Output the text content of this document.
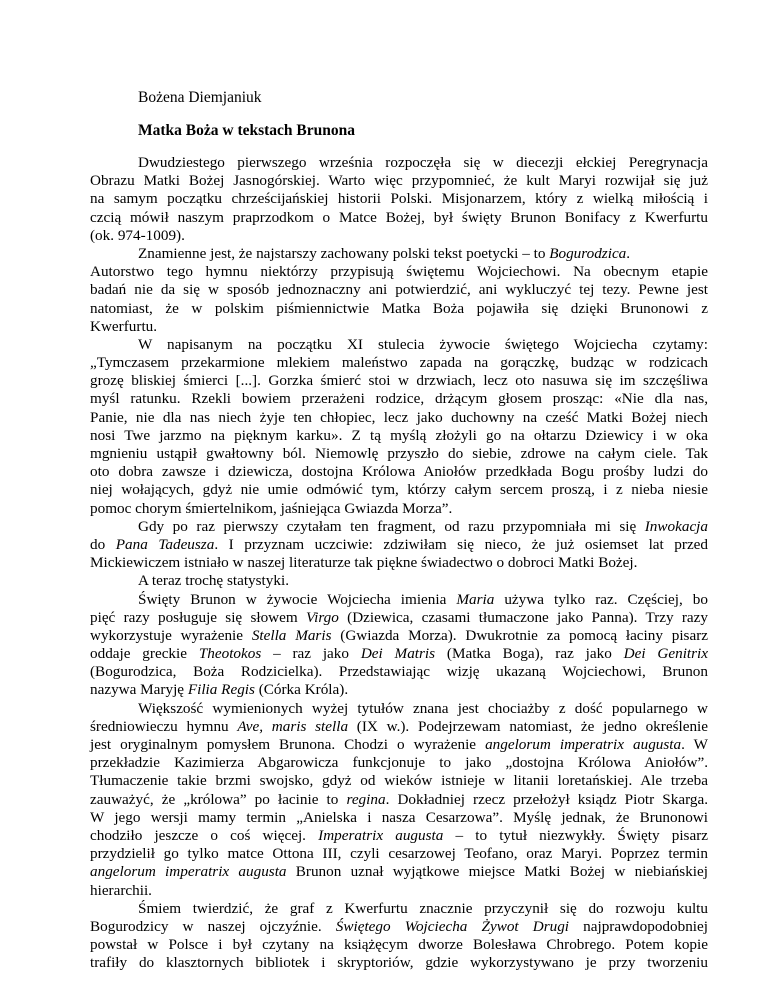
Bożena Diemjaniuk
Matka Boża w tekstach Brunona
Dwudziestego pierwszego września rozpoczęła się w diecezji ełckiej Peregrynacja
Obrazu Matki Bożej Jasnogórskiej. Warto więc przypomnieć, że kult Maryi rozwijał się już
na samym początku chrześcijańskiej historii Polski. Misjonarzem, który z wielką miłością i
czcią mówił naszym praprzodkom o Matce Bożej, był święty Brunon Bonifacy z Kwerfurtu
(ok. 974-1009).
Znamienne jest, że najstarszy zachowany polski tekst poetycki – to Bogurodzica.
Autorstwo tego hymnu niektórzy przypisują świętemu Wojciechowi. Na obecnym etapie
badań nie da się w sposób jednoznaczny ani potwierdzić, ani wykluczyć tej tezy. Pewne jest
natomiast, że w polskim piśmiennictwie Matka Boża pojawiła się dzięki Brunonowi z
Kwerfurtu.
W napisanym na początku XI stulecia żywocie świętego Wojciecha czytamy:
„Tymczasem przekarmione mlekiem maleństwo zapada na gorączkę, budząc w rodzicach
grozę bliskiej śmierci [...]. Gorzka śmierć stoi w drzwiach, lecz oto nasuwa się im szczęśliwa
myśl ratunku. Rzekli bowiem przerażeni rodzice, drżącym głosem prosząc: «Nie dla nas,
Panie, nie dla nas niech żyje ten chłopiec, lecz jako duchowny na cześć Matki Bożej niech
nosi Twe jarzmo na pięknym karku». Z tą myślą złożyli go na ołtarzu Dziewicy i w oka
mgnieniu ustąpił gwałtowny ból. Niemowlę przyszło do siebie, zdrowe na całym ciele. Tak
oto dobra zawsze i dziewicza, dostojna Królowa Aniołów przedkłada Bogu prośby ludzi do
niej wołających, gdyż nie umie odmówić tym, którzy całym sercem proszą, i z nieba niesie
pomoc chorym śmiertelnikom, jaśniejąca Gwiazda Morza”.
Gdy po raz pierwszy czytałam ten fragment, od razu przypomniała mi się Inwokacja
do Pana Tadeusza. I przyznam uczciwie: zdziwiłam się nieco, że już osiemset lat przed
Mickiewiczem istniało w naszej literaturze tak piękne świadectwo o dobroci Matki Bożej.
A teraz trochę statystyki.
Święty Brunon w żywocie Wojciecha imienia Maria używa tylko raz. Częściej, bo
pięć razy posługuje się słowem Virgo (Dziewica, czasami tłumaczone jako Panna). Trzy razy
wykorzystuje wyrażenie Stella Maris (Gwiazda Morza). Dwukrotnie za pomocą łaciny pisarz
oddaje greckie Theotokos – raz jako Dei Matris (Matka Boga), raz jako Dei Genitrix
(Bogurodzica, Boża Rodzicielka). Przedstawiając wizję ukazaną Wojciechowi, Brunon
nazywa Maryję Filia Regis (Córka Króla).
Większość wymienionych wyżej tytułów znana jest chociażby z dość popularnego w
średniowieczu hymnu Ave, maris stella (IX w.). Podejrzewam natomiast, że jedno określenie
jest oryginalnym pomysłem Brunona. Chodzi o wyrażenie angelorum imperatrix augusta. W
przekładzie Kazimierza Abgarowicza funkcjonuje to jako „dostojna Królowa Aniołów”.
Tłumaczenie takie brzmi swojsko, gdyż od wieków istnieje w litanii loretańskiej. Ale trzeba
zauważyć, że „królowa” po łacinie to regina. Dokładniej rzecz przełożył ksiądz Piotr Skarga.
W jego wersji mamy termin „Anielska i nasza Cesarzowa”. Myślę jednak, że Brunonowi
chodziło jeszcze o coś więcej. Imperatrix augusta – to tytuł niezwykły. Święty pisarz
przydzielił go tylko matce Ottona III, czyli cesarzowej Teofano, oraz Maryi. Poprzez termin
angelorum imperatrix augusta Brunon uznał wyjątkowe miejsce Matki Bożej w niebiańskiej
hierarchii.
Śmiem twierdzić, że graf z Kwerfurtu znacznie przyczynił się do rozwoju kultu
Bogurodzicy w naszej ojczyźnie. Świętego Wojciecha Żywot Drugi najprawdopodobniej
powstał w Polsce i był czytany na książęcym dworze Bolesława Chrobrego. Potem kopie
trafiły do klasztornych bibliotek i skryptoriów, gdzie wykorzystywano je przy tworzeniu
